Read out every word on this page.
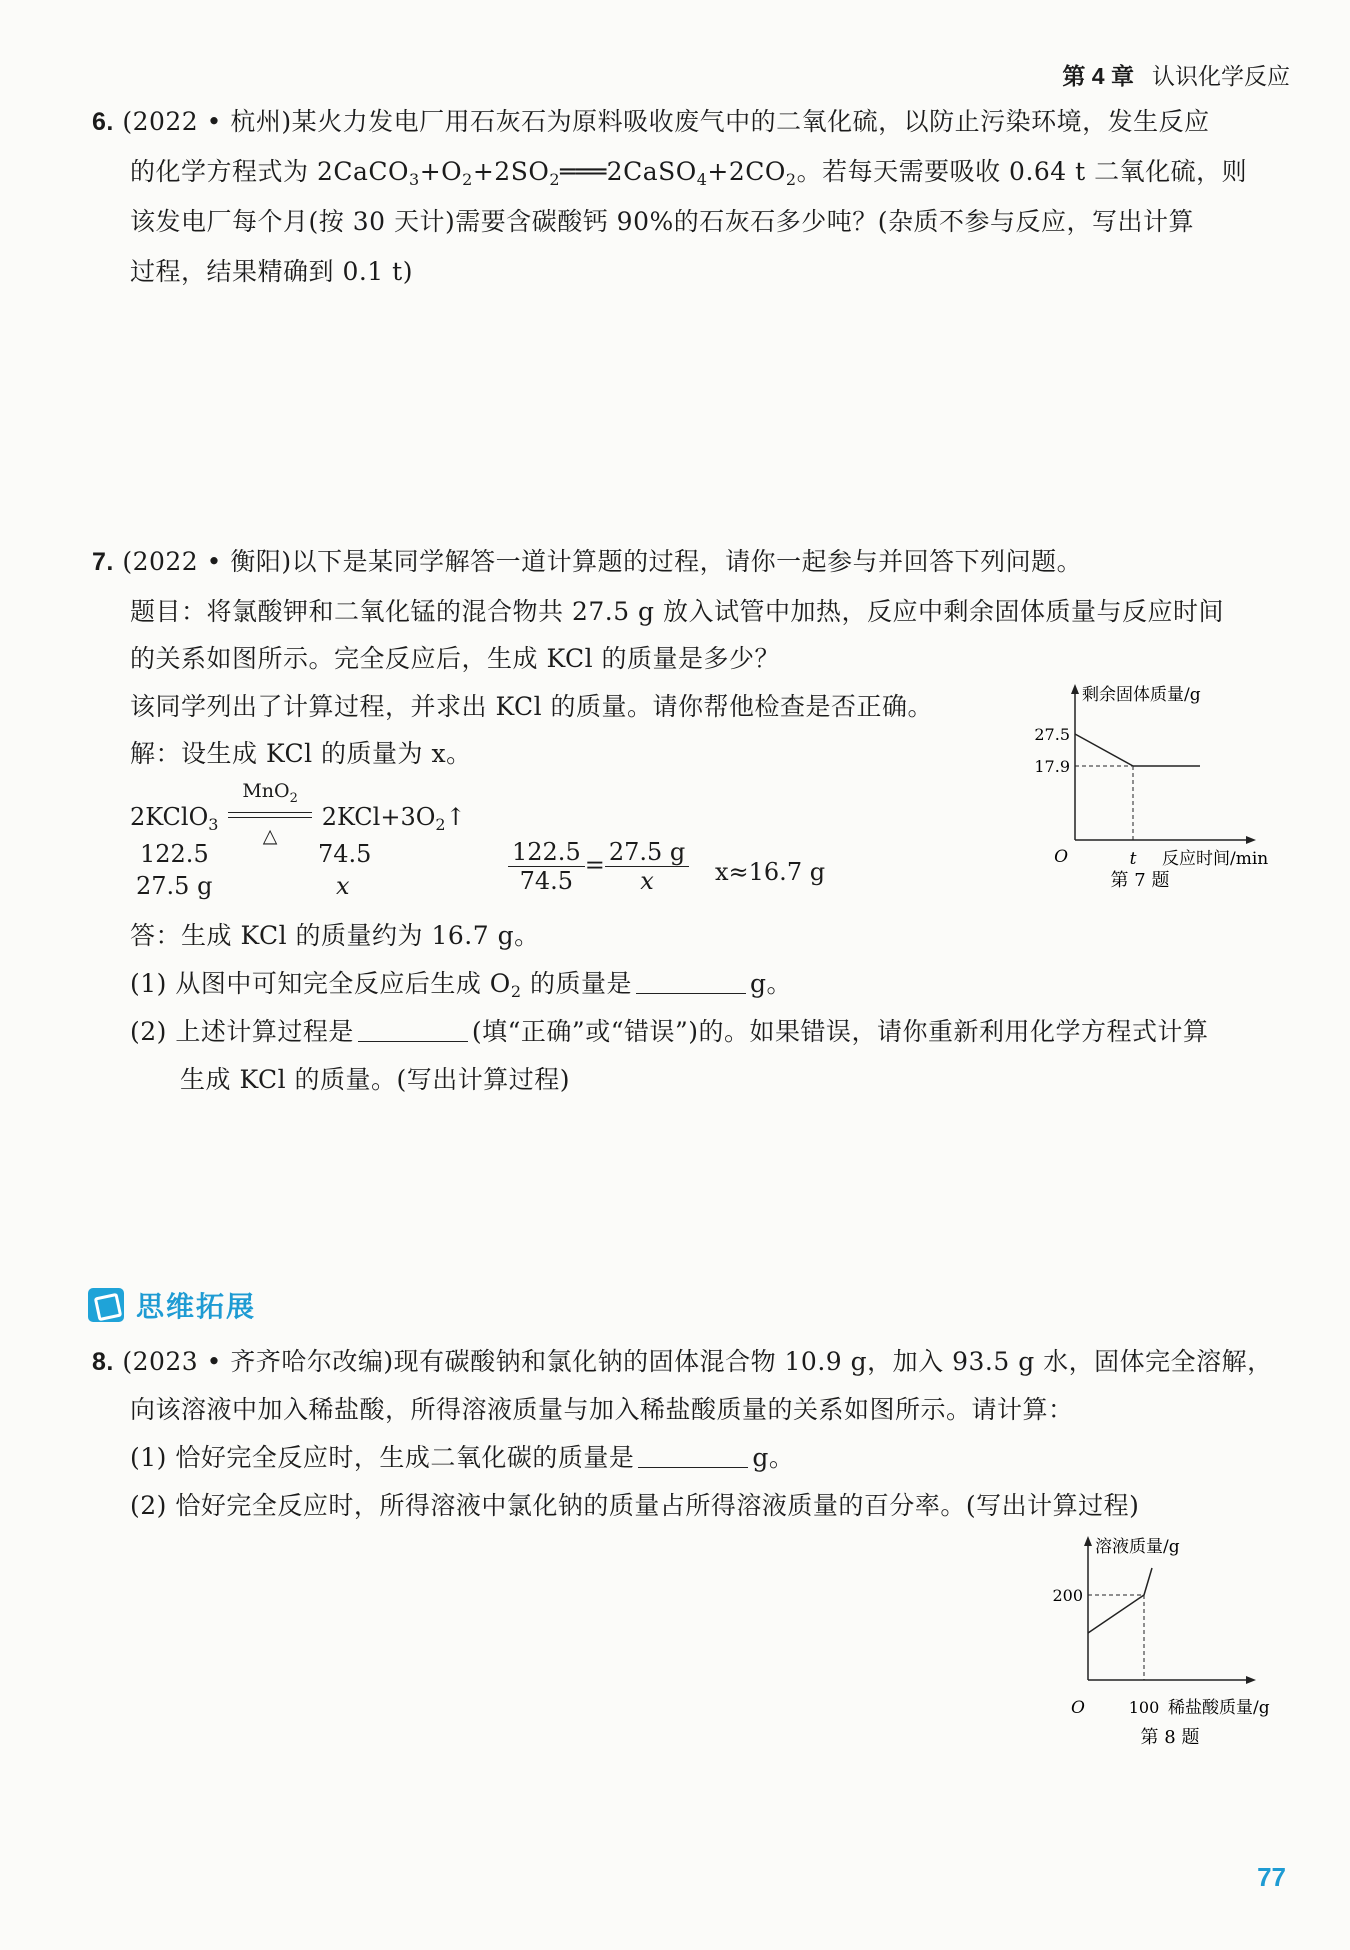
第 4 章 认识化学反应
6. (2022 • 杭州)某火力发电厂用石灰石为原料吸收废气中的二氧化硫，以防止污染环境，发生反应
的化学方程式为 $2CaCO_3+O_2+2SO_2═══2CaSO_4+2CO_2$。若每天需要吸收 0.64 t 二氧化硫，则
该发电厂每个月(按 30 天计)需要含碳酸钙 90%的石灰石多少吨？(杂质不参与反应，写出计算
过程，结果精确到 0.1 t)
7. (2022 • 衡阳)以下是某同学解答一道计算题的过程，请你一起参与并回答下列问题。
题目：将氯酸钾和二氧化锰的混合物共 27.5 g 放入试管中加热，反应中剩余固体质量与反应时间
的关系如图所示。完全反应后，生成 KCl 的质量是多少？
该同学列出了计算过程，并求出 KCl 的质量。请你帮他检查是否正确。
解：设生成 KCl 的质量为 x。
2KClO$_3$
MnO$_2$
△
$2KCl+3O_2↑$
122.5	74.5
27.5 g	x	$\frac{122.5}{74.5} = \frac{27.5 g}{x} x\approx 16.7$ g
答：生成 KCl 的质量约为 16.7 g。
(1) 从图中可知完全反应后生成 $O_2$ 的质量是	g。
(2) 上述计算过程是	(填“正确”或“错误”)的。如果错误，请你重新利用化学方程式计算
生成 KCl 的质量。(写出计算过程)
剩余固体质量/g
反应时间/min
O	t
27.5
17.9
第 7 题
思维拓展
8. (2023 • 齐齐哈尔改编)现有碳酸钠和氯化钠的固体混合物 10.9 g，加入 93.5 g 水，固体完全溶解，
向该溶液中加入稀盐酸，所得溶液质量与加入稀盐酸质量的关系如图所示。请计算：
(1) 恰好完全反应时，生成二氧化碳的质量是	g。
(2) 恰好完全反应时，所得溶液中氯化钠的质量占所得溶液质量的百分率。(写出计算过程)
溶液质量/g
稀盐酸质量/g
O	100
200
第 8 题
77
